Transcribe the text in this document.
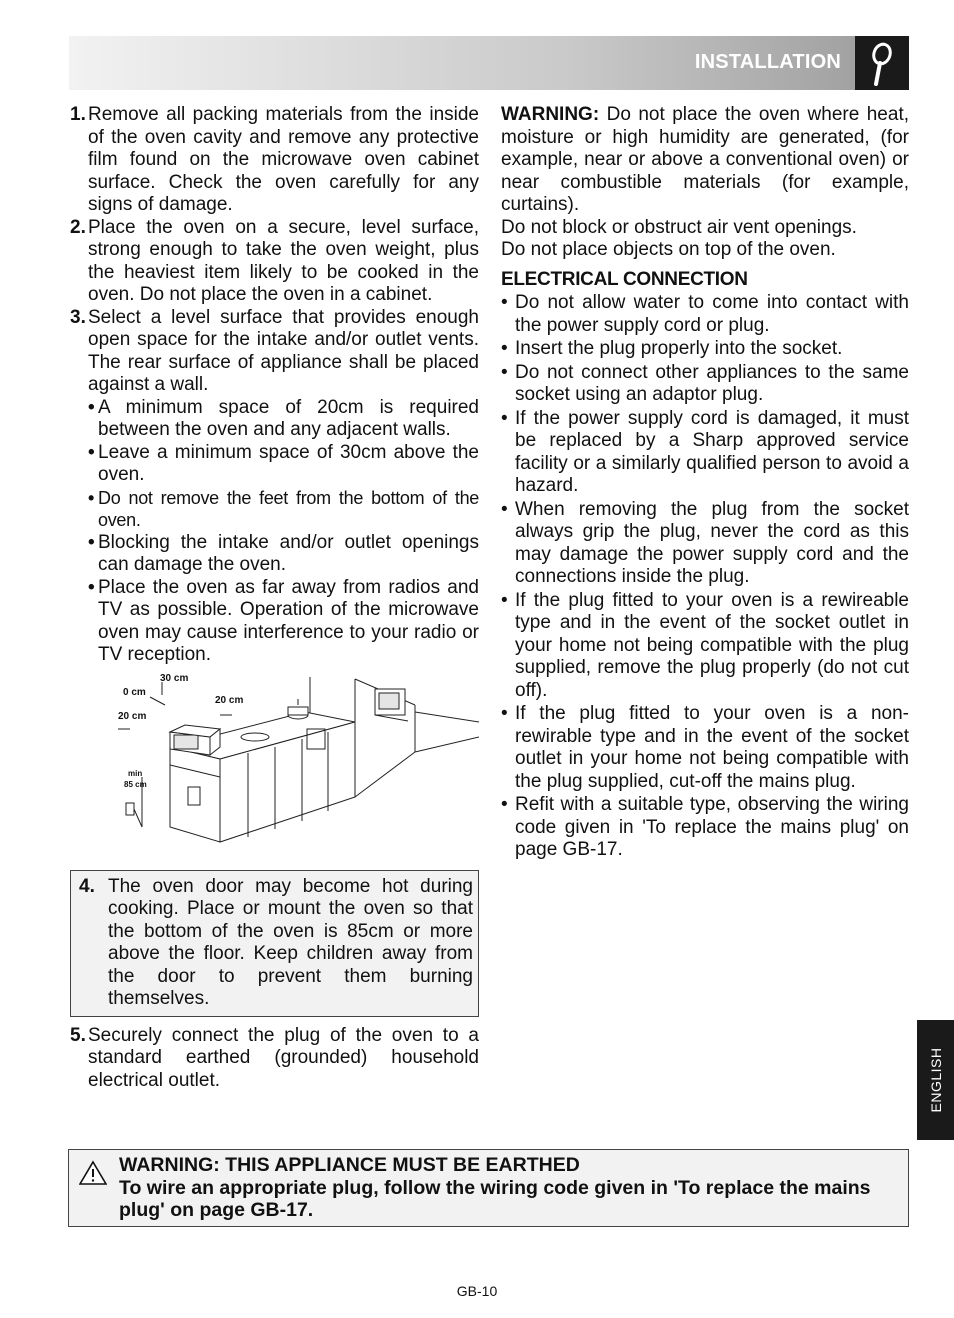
INSTALLATION
1. Remove all packing materials from the inside of the oven cavity and remove any protective film found on the microwave oven cabinet surface. Check the oven carefully for any signs of damage.
2. Place the oven on a secure, level surface, strong enough to take the oven weight, plus the heaviest item likely to be cooked in the oven. Do not place the oven in a cabinet.
3. Select a level surface that provides enough open space for the intake and/or outlet vents. The rear surface of appliance shall be placed against a wall.
• A minimum space of 20cm is required between the oven and any adjacent walls.
• Leave a minimum space of 30cm above the oven.
• Do not remove the feet from the bottom of the oven.
• Blocking the intake and/or outlet openings can damage the oven.
• Place the oven as far away from radios and TV as possible. Operation of the microwave oven may cause interference to your radio or TV reception.
30 cm
0 cm
20 cm
20 cm
min
85 cm
4. The oven door may become hot during cooking. Place or mount the oven so that the bottom of the oven is 85cm or more above the floor. Keep children away from the door to prevent them burning themselves.
5. Securely connect the plug of the oven to a standard earthed (grounded) household electrical outlet.

WARNING: Do not place the oven where heat, moisture or high humidity are generated, (for example, near or above a conventional oven) or near combustible materials (for example, curtains).

Do not block or obstruct air vent openings.

Do not place objects on top of the oven.

ELECTRICAL CONNECTION

• Do not allow water to come into contact with the power supply cord or plug.
• Insert the plug properly into the socket.
• Do not connect other appliances to the same socket using an adaptor plug.
• If the power supply cord is damaged, it must be replaced by a Sharp approved service facility or a similarly qualified person to avoid a hazard.
• When removing the plug from the socket always grip the plug, never the cord as this may damage the power supply cord and the connections inside the plug.
• If the plug fitted to your oven is a rewireable type and in the event of the socket outlet in your home not being compatible with the plug supplied, remove the plug properly (do not cut off).
• If the plug fitted to your oven is a non-rewirable type and in the event of the socket outlet in your home not being compatible with the plug supplied, cut-off the mains plug.
• Refit with a suitable type, observing the wiring code given in 'To replace the mains plug' on page GB-17.
ENGLISH
WARNING: THIS APPLIANCE MUST BE EARTHED
To wire an appropriate plug, follow the wiring code given in 'To replace the mains plug' on page GB-17.
GB-10
